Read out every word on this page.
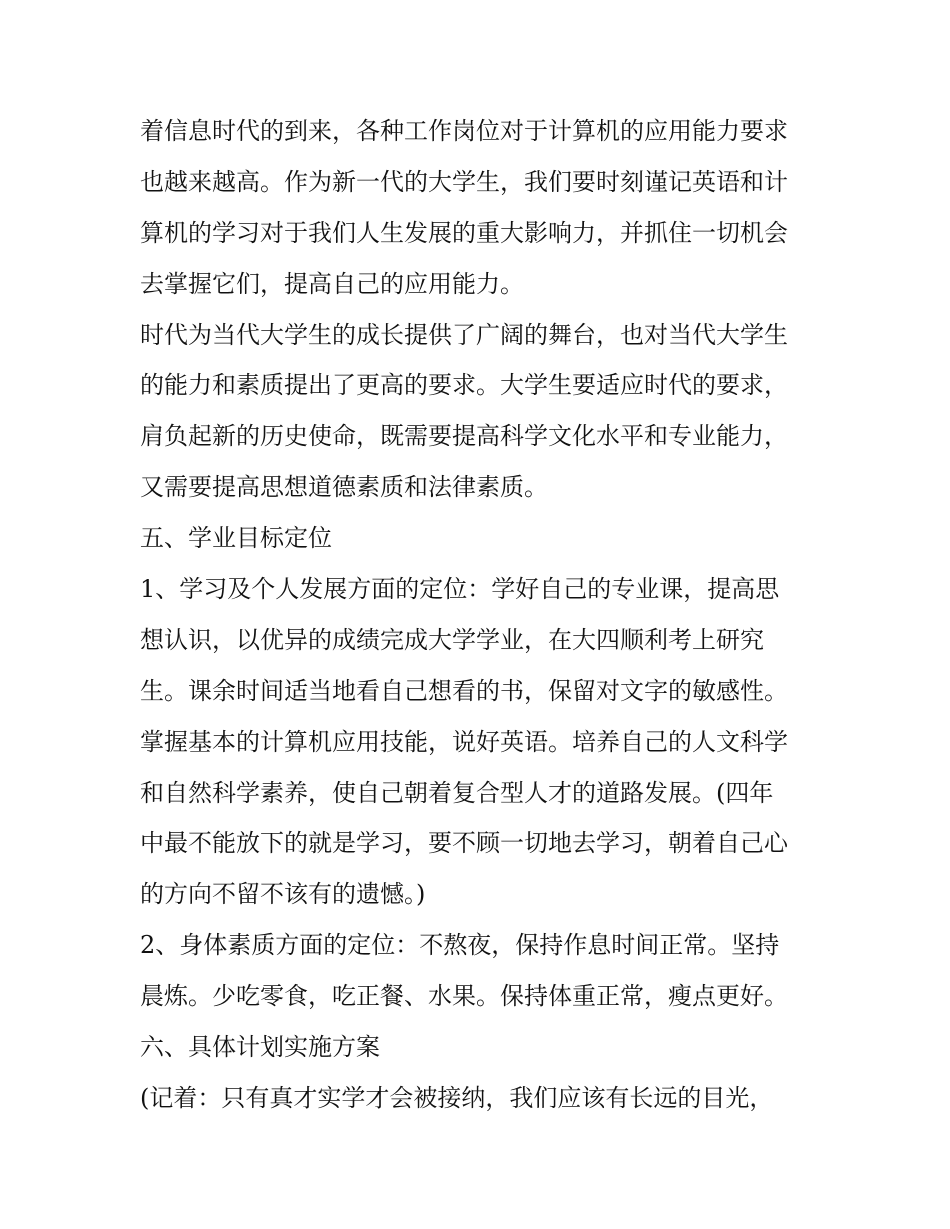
着信息时代的到来，各种工作岗位对于计算机的应用能力要求
也越来越高。作为新一代的大学生，我们要时刻谨记英语和计
算机的学习对于我们人生发展的重大影响力，并抓住一切机会
去掌握它们，提高自己的应用能力。
时代为当代大学生的成长提供了广阔的舞台，也对当代大学生
的能力和素质提出了更高的要求。大学生要适应时代的要求，
肩负起新的历史使命，既需要提高科学文化水平和专业能力，
又需要提高思想道德素质和法律素质。
五、学业目标定位
1、学习及个人发展方面的定位：学好自己的专业课，提高思
想认识，以优异的成绩完成大学学业，在大四顺利考上研究
生。课余时间适当地看自己想看的书，保留对文字的敏感性。
掌握基本的计算机应用技能，说好英语。培养自己的人文科学
和自然科学素养，使自己朝着复合型人才的道路发展。(四年
中最不能放下的就是学习，要不顾一切地去学习，朝着自己心
的方向不留不该有的遗憾。)
2、身体素质方面的定位：不熬夜，保持作息时间正常。坚持
晨炼。少吃零食，吃正餐、水果。保持体重正常，瘦点更好。
六、具体计划实施方案
(记着：只有真才实学才会被接纳，我们应该有长远的目光，
